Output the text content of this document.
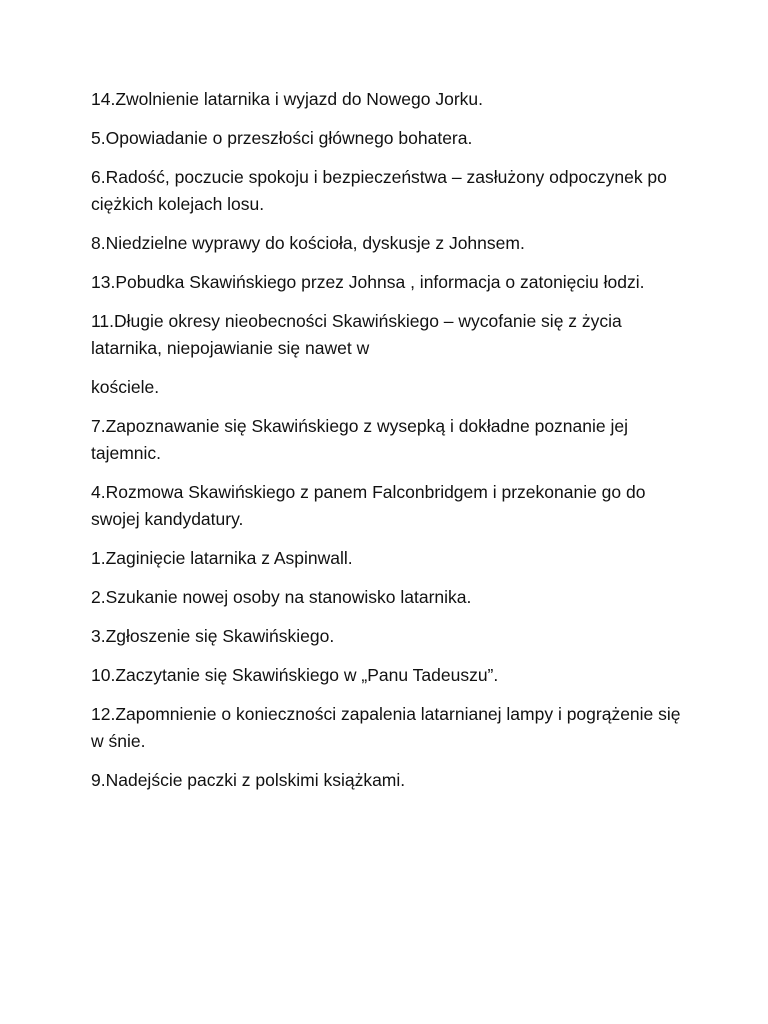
14.Zwolnienie latarnika i wyjazd do Nowego Jorku.

5.Opowiadanie o przeszłości głównego bohatera.

6.Radość, poczucie spokoju i bezpieczeństwa – zasłużony odpoczynek po ciężkich kolejach losu.

8.Niedzielne wyprawy do kościoła, dyskusje z Johnsem.

13.Pobudka Skawińskiego przez Johnsa , informacja o zatonięciu łodzi.

11.Długie okresy nieobecności Skawińskiego – wycofanie się z życia latarnika, niepojawianie się nawet w

kościele.

7.Zapoznawanie się Skawińskiego z wysepką i dokładne poznanie jej tajemnic.

4.Rozmowa Skawińskiego z panem Falconbridgem i przekonanie go do swojej kandydatury.

1.Zaginięcie latarnika z Aspinwall.

2.Szukanie nowej osoby na stanowisko latarnika.

3.Zgłoszenie się Skawińskiego.

10.Zaczytanie się Skawińskiego w „Panu Tadeuszu”.

12.Zapomnienie o konieczności zapalenia latarnianej lampy i pogrążenie się w śnie.

9.Nadejście paczki z polskimi książkami.
